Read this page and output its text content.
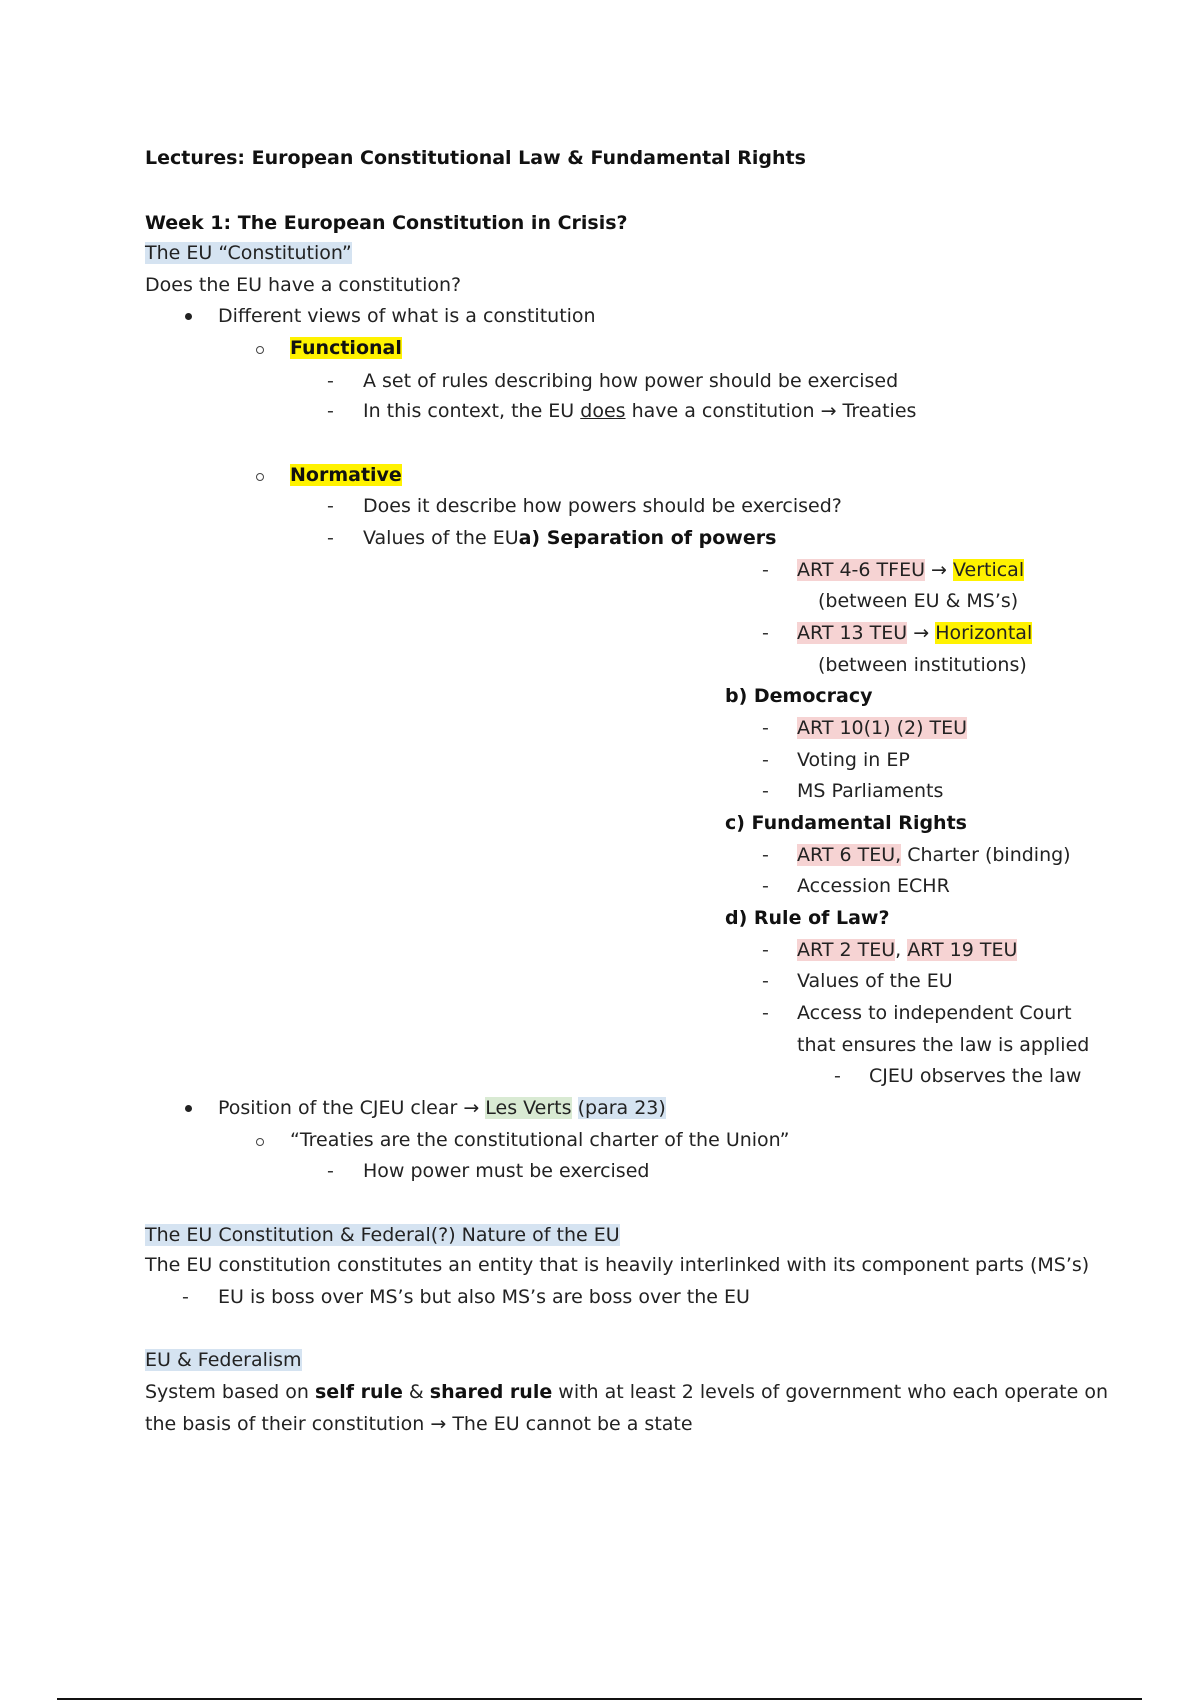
Lectures: European Constitutional Law & Fundamental Rights
Week 1: The European Constitution in Crisis?
The EU “Constitution”
Does the EU have a constitution?
Different views of what is a constitution
Functional
- A set of rules describing how power should be exercised
- In this context, the EU does have a constitution → Treaties
Normative
- Does it describe how powers should be exercised?
- Values of the EUa) Separation of powers
- ART 4-6 TFEU → Vertical
(between EU & MS’s)
- ART 13 TEU → Horizontal
(between institutions)
b) Democracy
- ART 10(1) (2) TEU
- Voting in EP
- MS Parliaments
c) Fundamental Rights
- ART 6 TEU, Charter (binding)
- Accession ECHR
d) Rule of Law?
- ART 2 TEU, ART 19 TEU
- Values of the EU
- Access to independent Court
that ensures the law is applied
- CJEU observes the law
Position of the CJEU clear → Les Verts (para 23)
“Treaties are the constitutional charter of the Union”
- How power must be exercised
The EU Constitution & Federal(?) Nature of the EU
The EU constitution constitutes an entity that is heavily interlinked with its component parts (MS’s)
- EU is boss over MS’s but also MS’s are boss over the EU
EU & Federalism
System based on self rule & shared rule with at least 2 levels of government who each operate on
the basis of their constitution → The EU cannot be a state
